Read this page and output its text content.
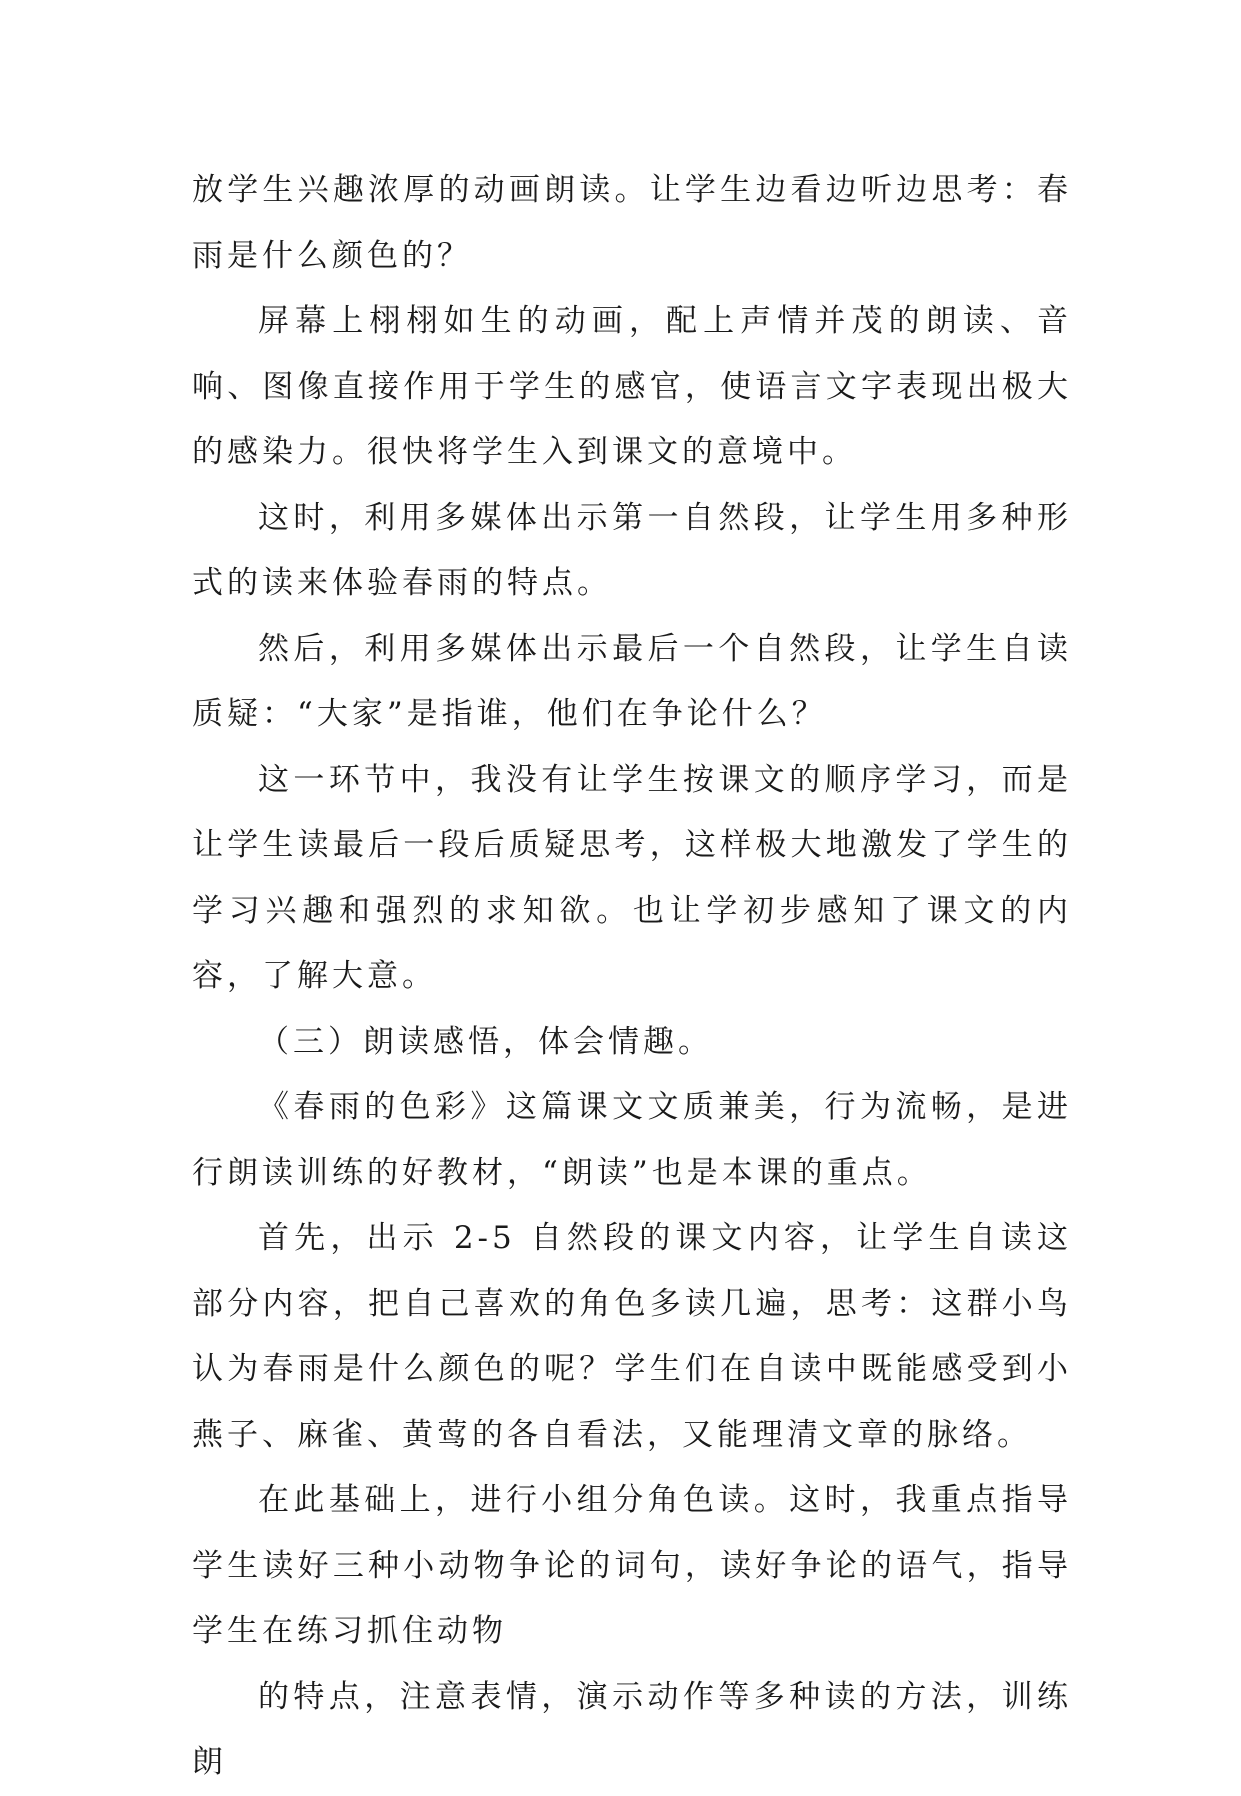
放学生兴趣浓厚的动画朗读。让学生边看边听边思考：春雨是什么颜色的？

屏幕上栩栩如生的动画，配上声情并茂的朗读、音响、图像直接作用于学生的感官，使语言文字表现出极大的感染力。很快将学生入到课文的意境中。

这时，利用多媒体出示第一自然段，让学生用多种形式的读来体验春雨的特点。

然后，利用多媒体出示最后一个自然段，让学生自读质疑：“大家”是指谁，他们在争论什么？

这一环节中，我没有让学生按课文的顺序学习，而是让学生读最后一段后质疑思考，这样极大地激发了学生的学习兴趣和强烈的求知欲。也让学初步感知了课文的内容，了解大意。

（三）朗读感悟，体会情趣。

《春雨的色彩》这篇课文文质兼美，行为流畅，是进行朗读训练的好教材，“朗读”也是本课的重点。

首先，出示 2-5 自然段的课文内容，让学生自读这部分内容，把自己喜欢的角色多读几遍，思考：这群小鸟认为春雨是什么颜色的呢？学生们在自读中既能感受到小燕子、麻雀、黄莺的各自看法，又能理清文章的脉络。

在此基础上，进行小组分角色读。这时，我重点指导学生读好三种小动物争论的词句，读好争论的语气，指导学生在练习抓住动物

的特点，注意表情，演示动作等多种读的方法，训练朗
